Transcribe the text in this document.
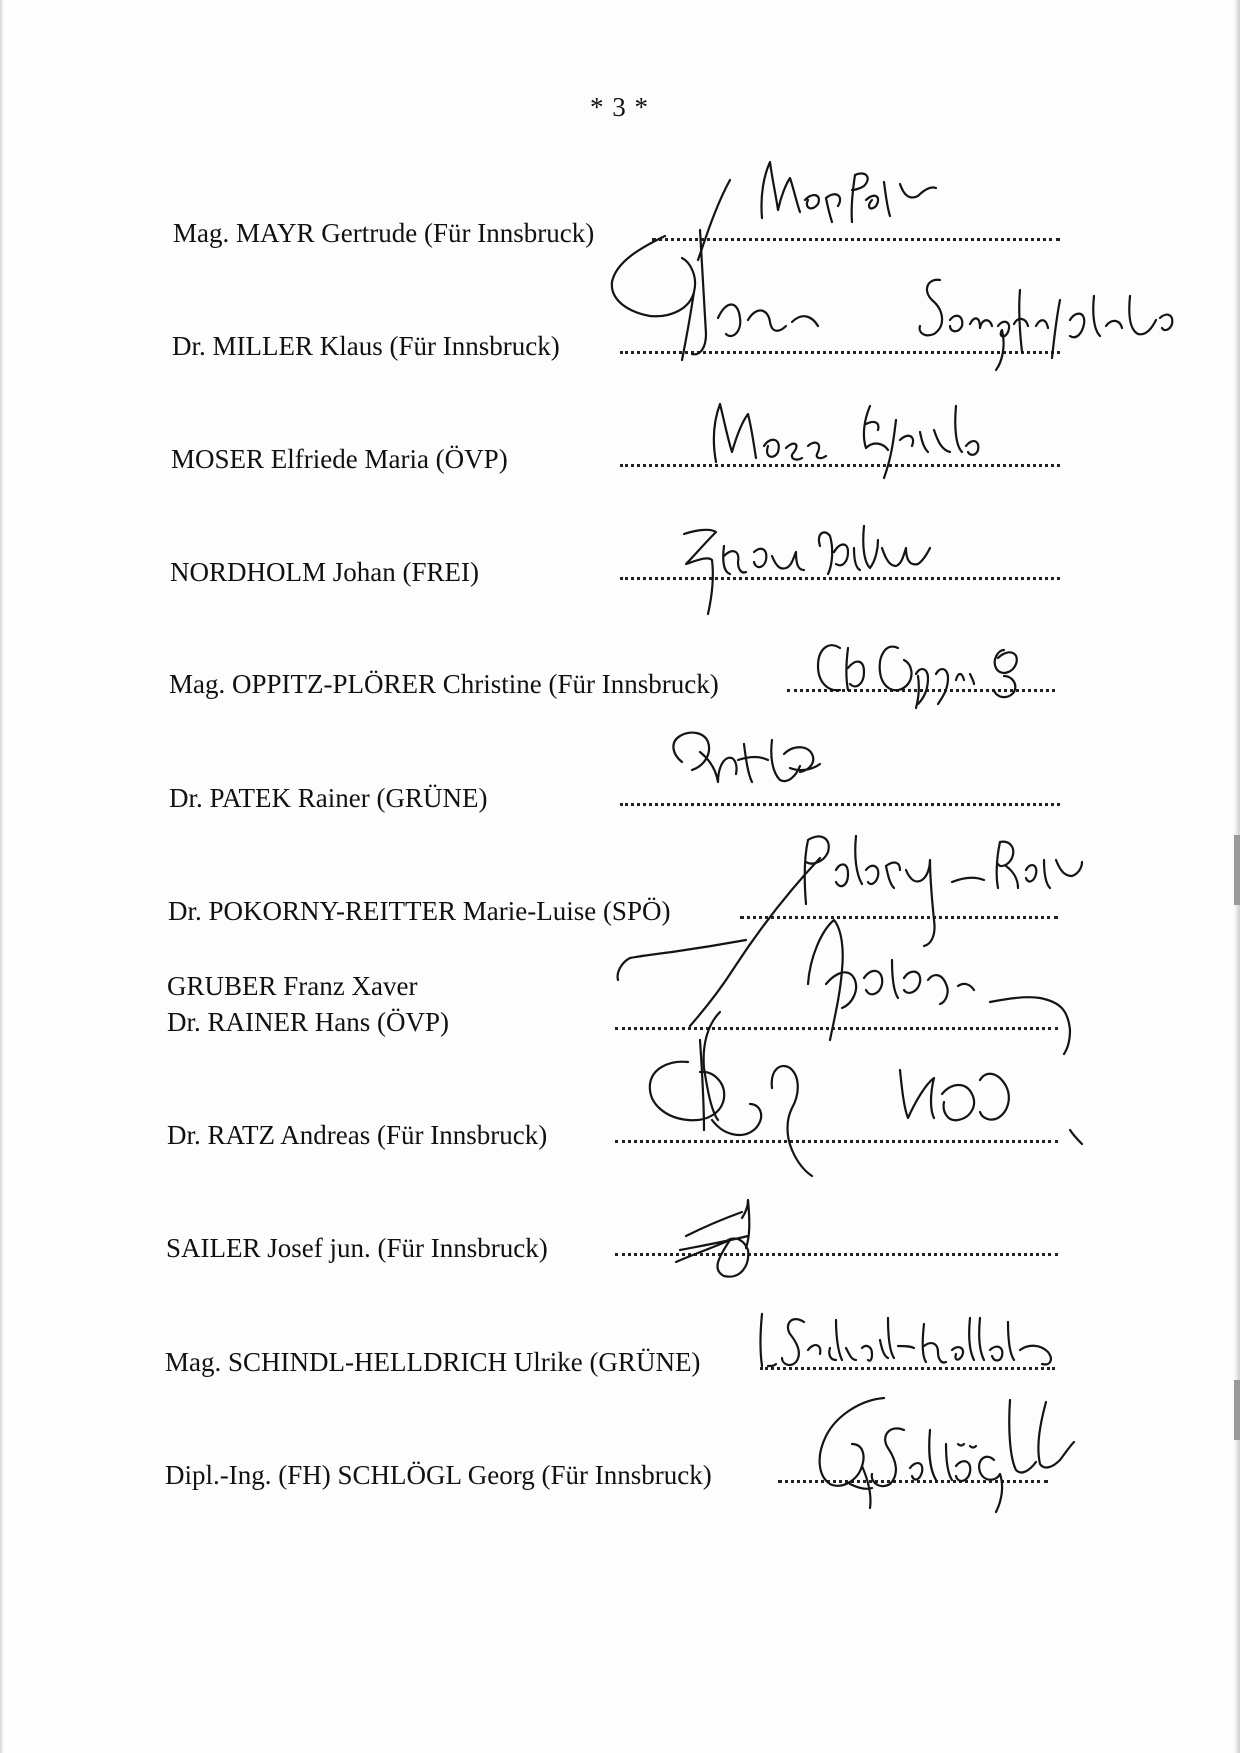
* 3 *
Mag. MAYR Gertrude (Für Innsbruck)
Dr. MILLER Klaus (Für Innsbruck)
MOSER Elfriede Maria (ÖVP)
NORDHOLM Johan (FREI)
Mag. OPPITZ-PLÖRER Christine (Für Innsbruck)
Dr. PATEK Rainer (GRÜNE)
Dr. POKORNY-REITTER Marie-Luise (SPÖ)
GRUBER Franz Xaver
Dr. RAINER Hans (ÖVP)
Dr. RATZ Andreas (Für Innsbruck)
SAILER Josef jun. (Für Innsbruck)
Mag. SCHINDL-HELLDRICH Ulrike (GRÜNE)
Dipl.-Ing. (FH) SCHLÖGL Georg (Für Innsbruck)
